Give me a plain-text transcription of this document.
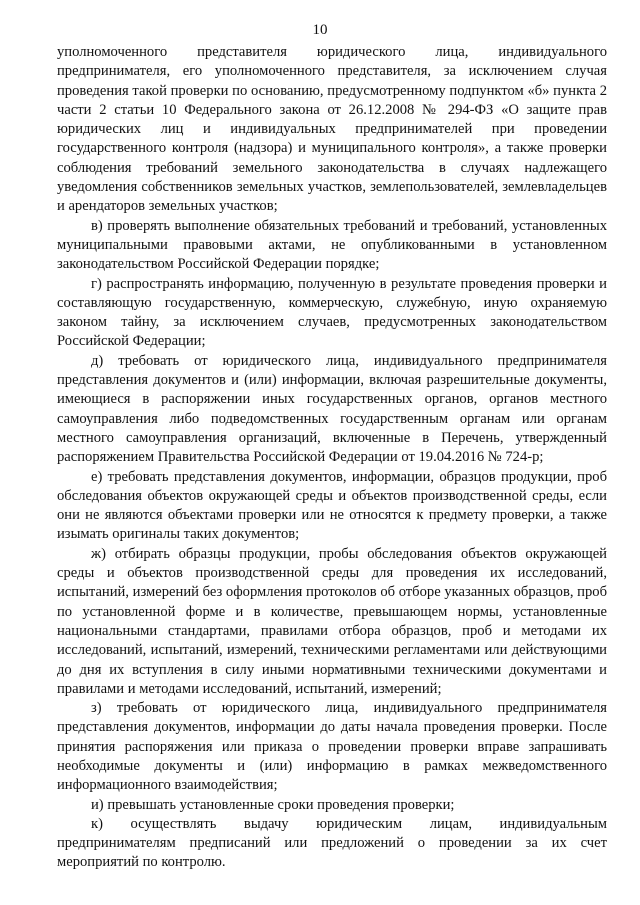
10

уполномоченного представителя юридического лица, индивидуального предпринимателя, его уполномоченного представителя, за исключением случая проведения такой проверки по основанию, предусмотренному подпунктом «б» пункта 2 части 2 статьи 10 Федерального закона от 26.12.2008 № 294-ФЗ «О защите прав юридических лиц и индивидуальных предпринимателей при проведении государственного контроля (надзора) и муниципального контроля», а также проверки соблюдения требований земельного законодательства в случаях надлежащего уведомления собственников земельных участков, землепользователей, землевладельцев и арендаторов земельных участков;

в) проверять выполнение обязательных требований и требований, установленных муниципальными правовыми актами, не опубликованными в установленном законодательством Российской Федерации порядке;

г) распространять информацию, полученную в результате проведения проверки и составляющую государственную, коммерческую, служебную, иную охраняемую законом тайну, за исключением случаев, предусмотренных законодательством Российской Федерации;

д) требовать от юридического лица, индивидуального предпринимателя представления документов и (или) информации, включая разрешительные документы, имеющиеся в распоряжении иных государственных органов, органов местного самоуправления либо подведомственных государственным органам или органам местного самоуправления организаций, включенные в Перечень, утвержденный распоряжением Правительства Российской Федерации от 19.04.2016 № 724-р;

е) требовать представления документов, информации, образцов продукции, проб обследования объектов окружающей среды и объектов производственной среды, если они не являются объектами проверки или не относятся к предмету проверки, а также изымать оригиналы таких документов;

ж) отбирать образцы продукции, пробы обследования объектов окружающей среды и объектов производственной среды для проведения их исследований, испытаний, измерений без оформления протоколов об отборе указанных образцов, проб по установленной форме и в количестве, превышающем нормы, установленные национальными стандартами, правилами отбора образцов, проб и методами их исследований, испытаний, измерений, техническими регламентами или действующими до дня их вступления в силу иными нормативными техническими документами и правилами и методами исследований, испытаний, измерений;

з) требовать от юридического лица, индивидуального предпринимателя представления документов, информации до даты начала проведения проверки. После принятия распоряжения или приказа о проведении проверки вправе запрашивать необходимые документы и (или) информацию в рамках межведомственного информационного взаимодействия;

и) превышать установленные сроки проведения проверки;

к) осуществлять выдачу юридическим лицам, индивидуальным предпринимателям предписаний или предложений о проведении за их счет мероприятий по контролю.
